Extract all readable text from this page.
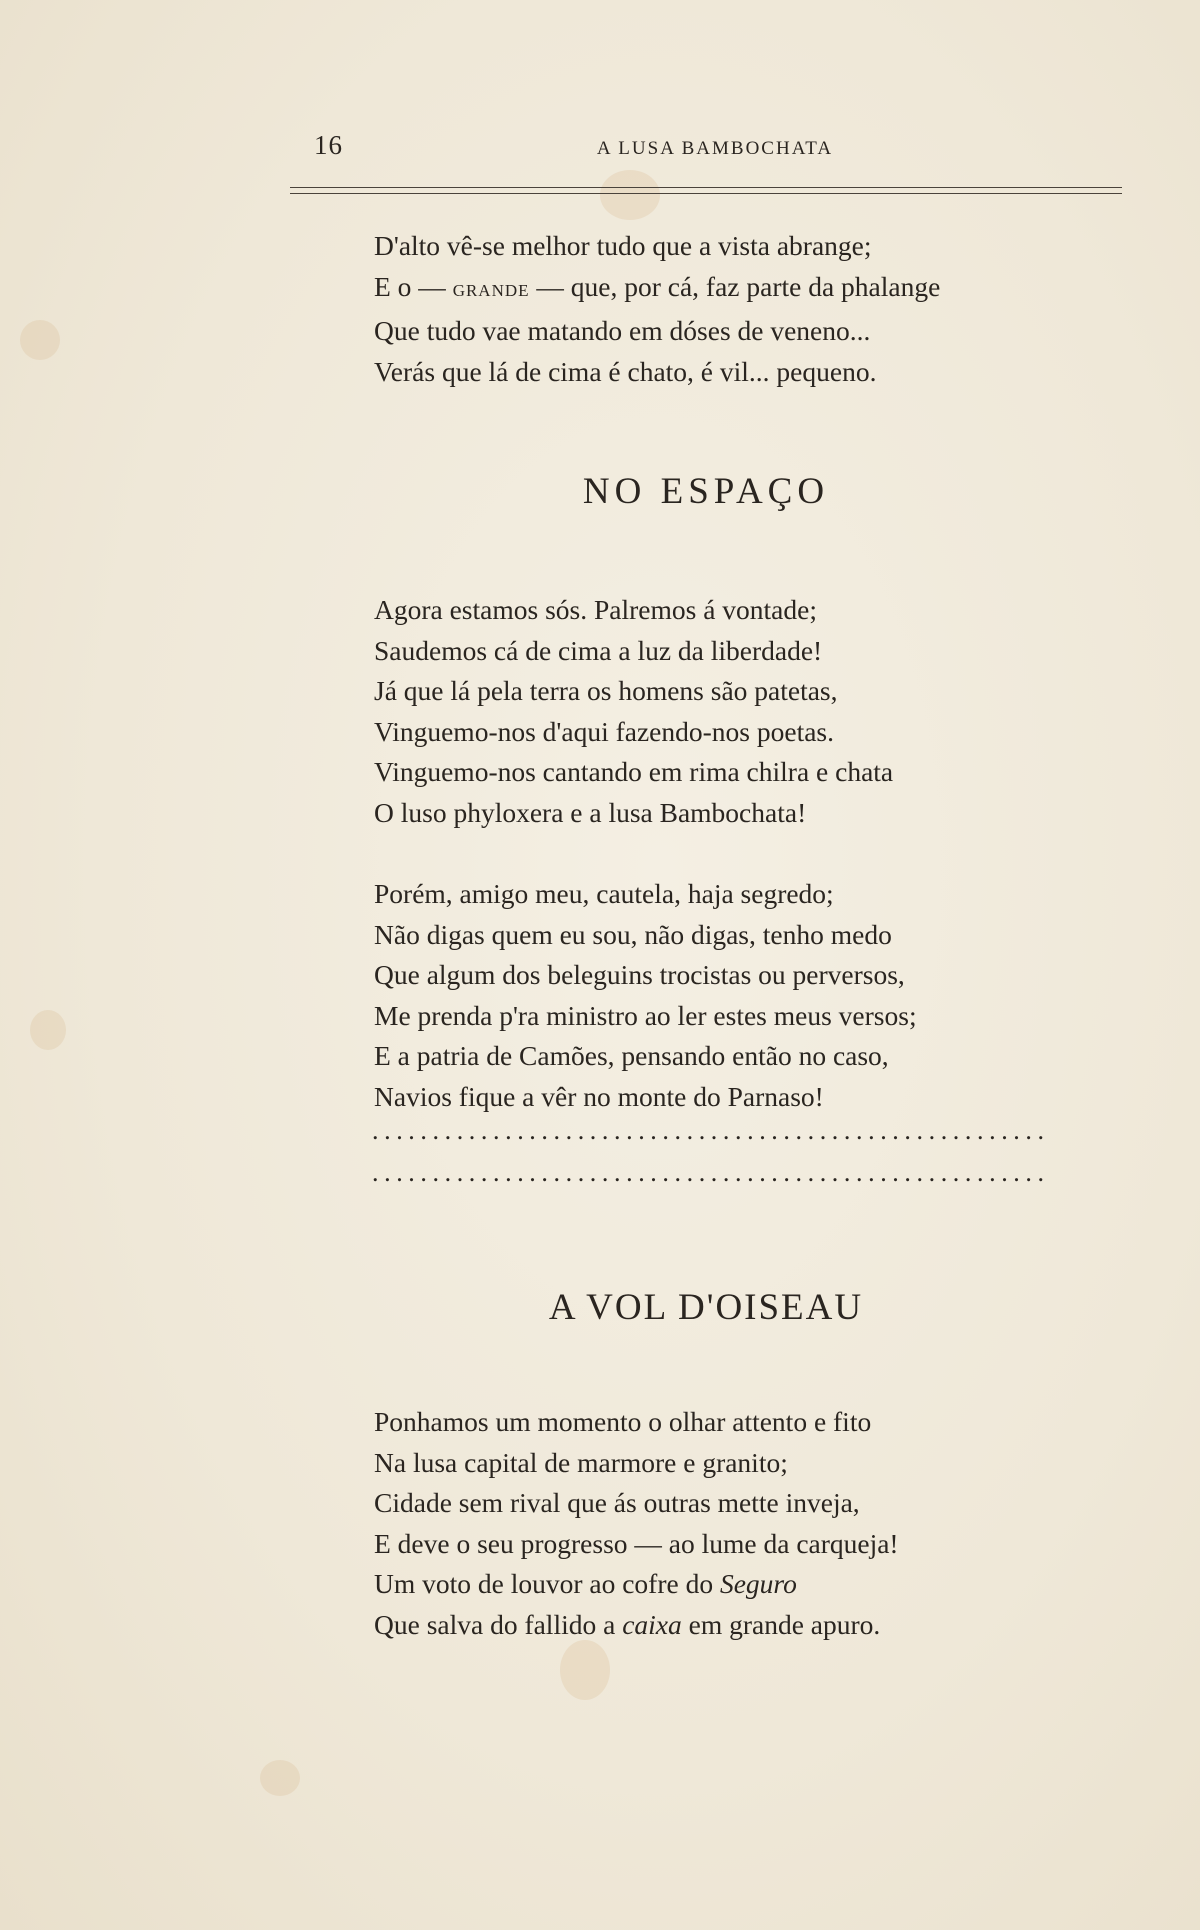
16	A LUSA BAMBOCHATA
D'alto vê-se melhor tudo que a vista abrange;
E o — GRANDE — que, por cá, faz parte da phalange
Que tudo vae matando em dóses de veneno...
Verás que lá de cima é chato, é vil... pequeno.
NO ESPAÇO
Agora estamos sós. Palremos á vontade;
Saudemos cá de cima a luz da liberdade!
Já que lá pela terra os homens são patetas,
Vinguemo-nos d'aqui fazendo-nos poetas.
Vinguemo-nos cantando em rima chilra e chata
O luso phyloxera e a lusa Bambochata!
Porém, amigo meu, cautela, haja segredo;
Não digas quem eu sou, não digas, tenho medo
Que algum dos beleguins trocistas ou perversos,
Me prenda p'ra ministro ao ler estes meus versos;
E a patria de Camões, pensando então no caso,
Navios fique a vêr no monte do Parnaso!
........................................................
........................................................
A VOL D'OISEAU
Ponhamos um momento o olhar attento e fito
Na lusa capital de marmore e granito;
Cidade sem rival que ás outras mette inveja,
E deve o seu progresso — ao lume da carqueja!
Um voto de louvor ao cofre do Seguro
Que salva do fallido a caixa em grande apuro.
